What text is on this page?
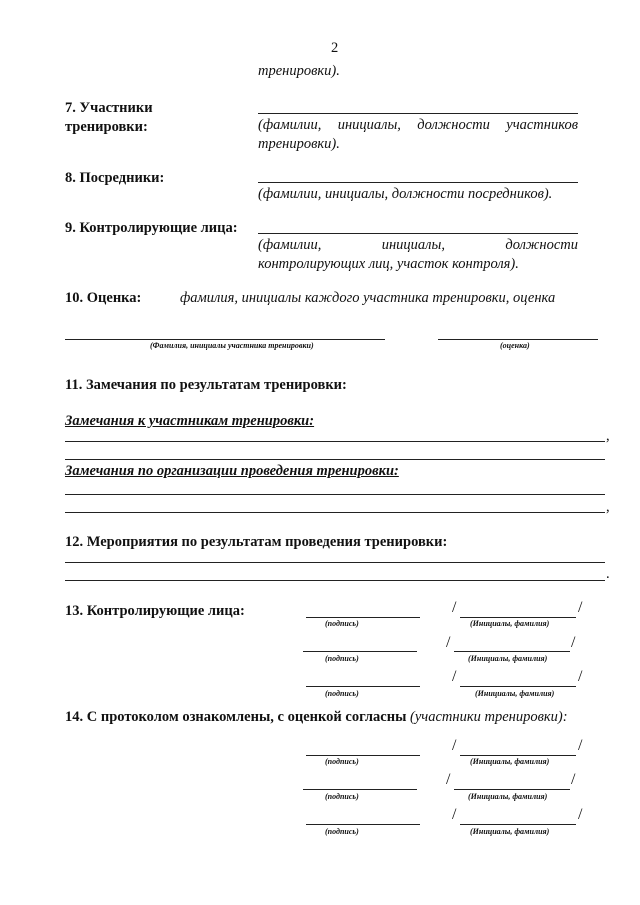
2
тренировки).
7. Участники
тренировки:	(фамилии, инициалы, должности участников
тренировки).
8. Посредники:
(фамилии, инициалы, должности посредников).
9. Контролирующие лица:
(фамилии, инициалы, должности
контролирующих лиц, участок контроля).
10. Оценка:	фамилия, инициалы каждого участника тренировки, оценка
(Фамилия, инициалы участника тренировки)	(оценка)
11. Замечания по результатам тренировки:
Замечания к участникам тренировки:
,
Замечания по организации проведения тренировки:
,
12. Мероприятия по результатам проведения тренировки:
.
13. Контролирующие лица:
(подпись)
/	/
(Инициалы, фамилия)
(подпись)
/	/
(Инициалы, фамилия)
(подпись)
/	/
(Инициалы, фамилия)
14. С протоколом ознакомлены, с оценкой согласны (участники тренировки):
(подпись)
/	/
(Инициалы, фамилия)
(подпись)
/	/
(Инициалы, фамилия)
(подпись)
/	/
(Инициалы, фамилия)
